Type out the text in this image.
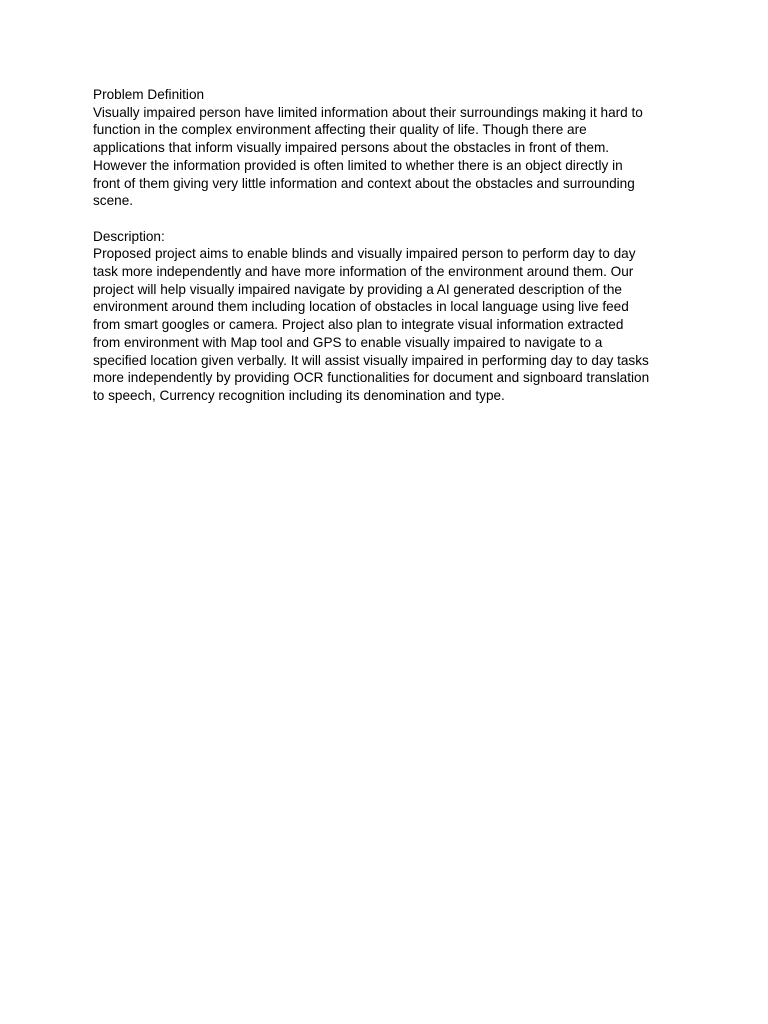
Problem Definition

Visually impaired person have limited information about their surroundings making it hard to
function in the complex environment affecting their quality of life. Though there are
applications that inform visually impaired persons about the obstacles in front of them.
However the information provided is often limited to whether there is an object directly in
front of them giving very little information and context about the obstacles and surrounding
scene.

Description:

Proposed project aims to enable blinds and visually impaired person to perform day to day
task more independently and have more information of the environment around them. Our
project will help visually impaired navigate by providing a AI generated description of the
environment around them including location of obstacles in local language using live feed
from smart googles or camera. Project also plan to integrate visual information extracted
from environment with Map tool and GPS to enable visually impaired to navigate to a
specified location given verbally. It will assist visually impaired in performing day to day tasks
more independently by providing OCR functionalities for document and signboard translation
to speech, Currency recognition including its denomination and type.
